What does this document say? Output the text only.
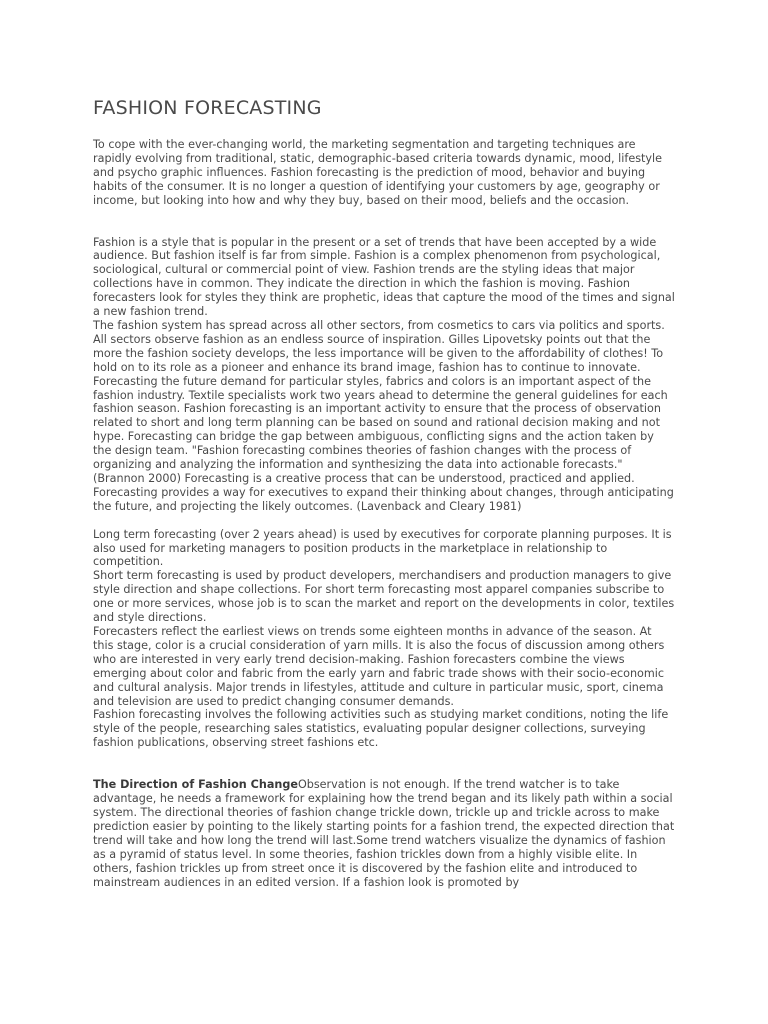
FASHION FORECASTING

To cope with the ever-changing world, the marketing segmentation and targeting techniques are rapidly evolving from traditional, static, demographic-based criteria towards dynamic, mood, lifestyle and psycho graphic influences. Fashion forecasting is the prediction of mood, behavior and buying habits of the consumer. It is no longer a question of identifying your customers by age, geography or income, but looking into how and why they buy, based on their mood, beliefs and the occasion.

Fashion is a style that is popular in the present or a set of trends that have been accepted by a wide audience. But fashion itself is far from simple. Fashion is a complex phenomenon from psychological, sociological, cultural or commercial point of view. Fashion trends are the styling ideas that major collections have in common. They indicate the direction in which the fashion is moving. Fashion forecasters look for styles they think are prophetic, ideas that capture the mood of the times and signal a new fashion trend.

The fashion system has spread across all other sectors, from cosmetics to cars via politics and sports. All sectors observe fashion as an endless source of inspiration. Gilles Lipovetsky points out that the more the fashion society develops, the less importance will be given to the affordability of clothes! To hold on to its role as a pioneer and enhance its brand image, fashion has to continue to innovate.

Forecasting the future demand for particular styles, fabrics and colors is an important aspect of the fashion industry. Textile specialists work two years ahead to determine the general guidelines for each fashion season. Fashion forecasting is an important activity to ensure that the process of observation related to short and long term planning can be based on sound and rational decision making and not hype. Forecasting can bridge the gap between ambiguous, conflicting signs and the action taken by the design team. "Fashion forecasting combines theories of fashion changes with the process of organizing and analyzing the information and synthesizing the data into actionable forecasts." (Brannon 2000) Forecasting is a creative process that can be understood, practiced and applied. Forecasting provides a way for executives to expand their thinking about changes, through anticipating the future, and projecting the likely outcomes. (Lavenback and Cleary 1981)

Long term forecasting (over 2 years ahead) is used by executives for corporate planning purposes. It is also used for marketing managers to position products in the marketplace in relationship to competition.

Short term forecasting is used by product developers, merchandisers and production managers to give style direction and shape collections. For short term forecasting most apparel companies subscribe to one or more services, whose job is to scan the market and report on the developments in color, textiles and style directions.

Forecasters reflect the earliest views on trends some eighteen months in advance of the season. At this stage, color is a crucial consideration of yarn mills. It is also the focus of discussion among others who are interested in very early trend decision-making. Fashion forecasters combine the views emerging about color and fabric from the early yarn and fabric trade shows with their socio-economic and cultural analysis. Major trends in lifestyles, attitude and culture in particular music, sport, cinema and television are used to predict changing consumer demands.

Fashion forecasting involves the following activities such as studying market conditions, noting the life style of the people, researching sales statistics, evaluating popular designer collections, surveying fashion publications, observing street fashions etc.

The Direction of Fashion ChangeObservation is not enough. If the trend watcher is to take advantage, he needs a framework for explaining how the trend began and its likely path within a social system. The directional theories of fashion change trickle down, trickle up and trickle across to make prediction easier by pointing to the likely starting points for a fashion trend, the expected direction that trend will take and how long the trend will last.Some trend watchers visualize the dynamics of fashion as a pyramid of status level. In some theories, fashion trickles down from a highly visible elite. In others, fashion trickles up from street once it is discovered by the fashion elite and introduced to mainstream audiences in an edited version. If a fashion look is promoted by
